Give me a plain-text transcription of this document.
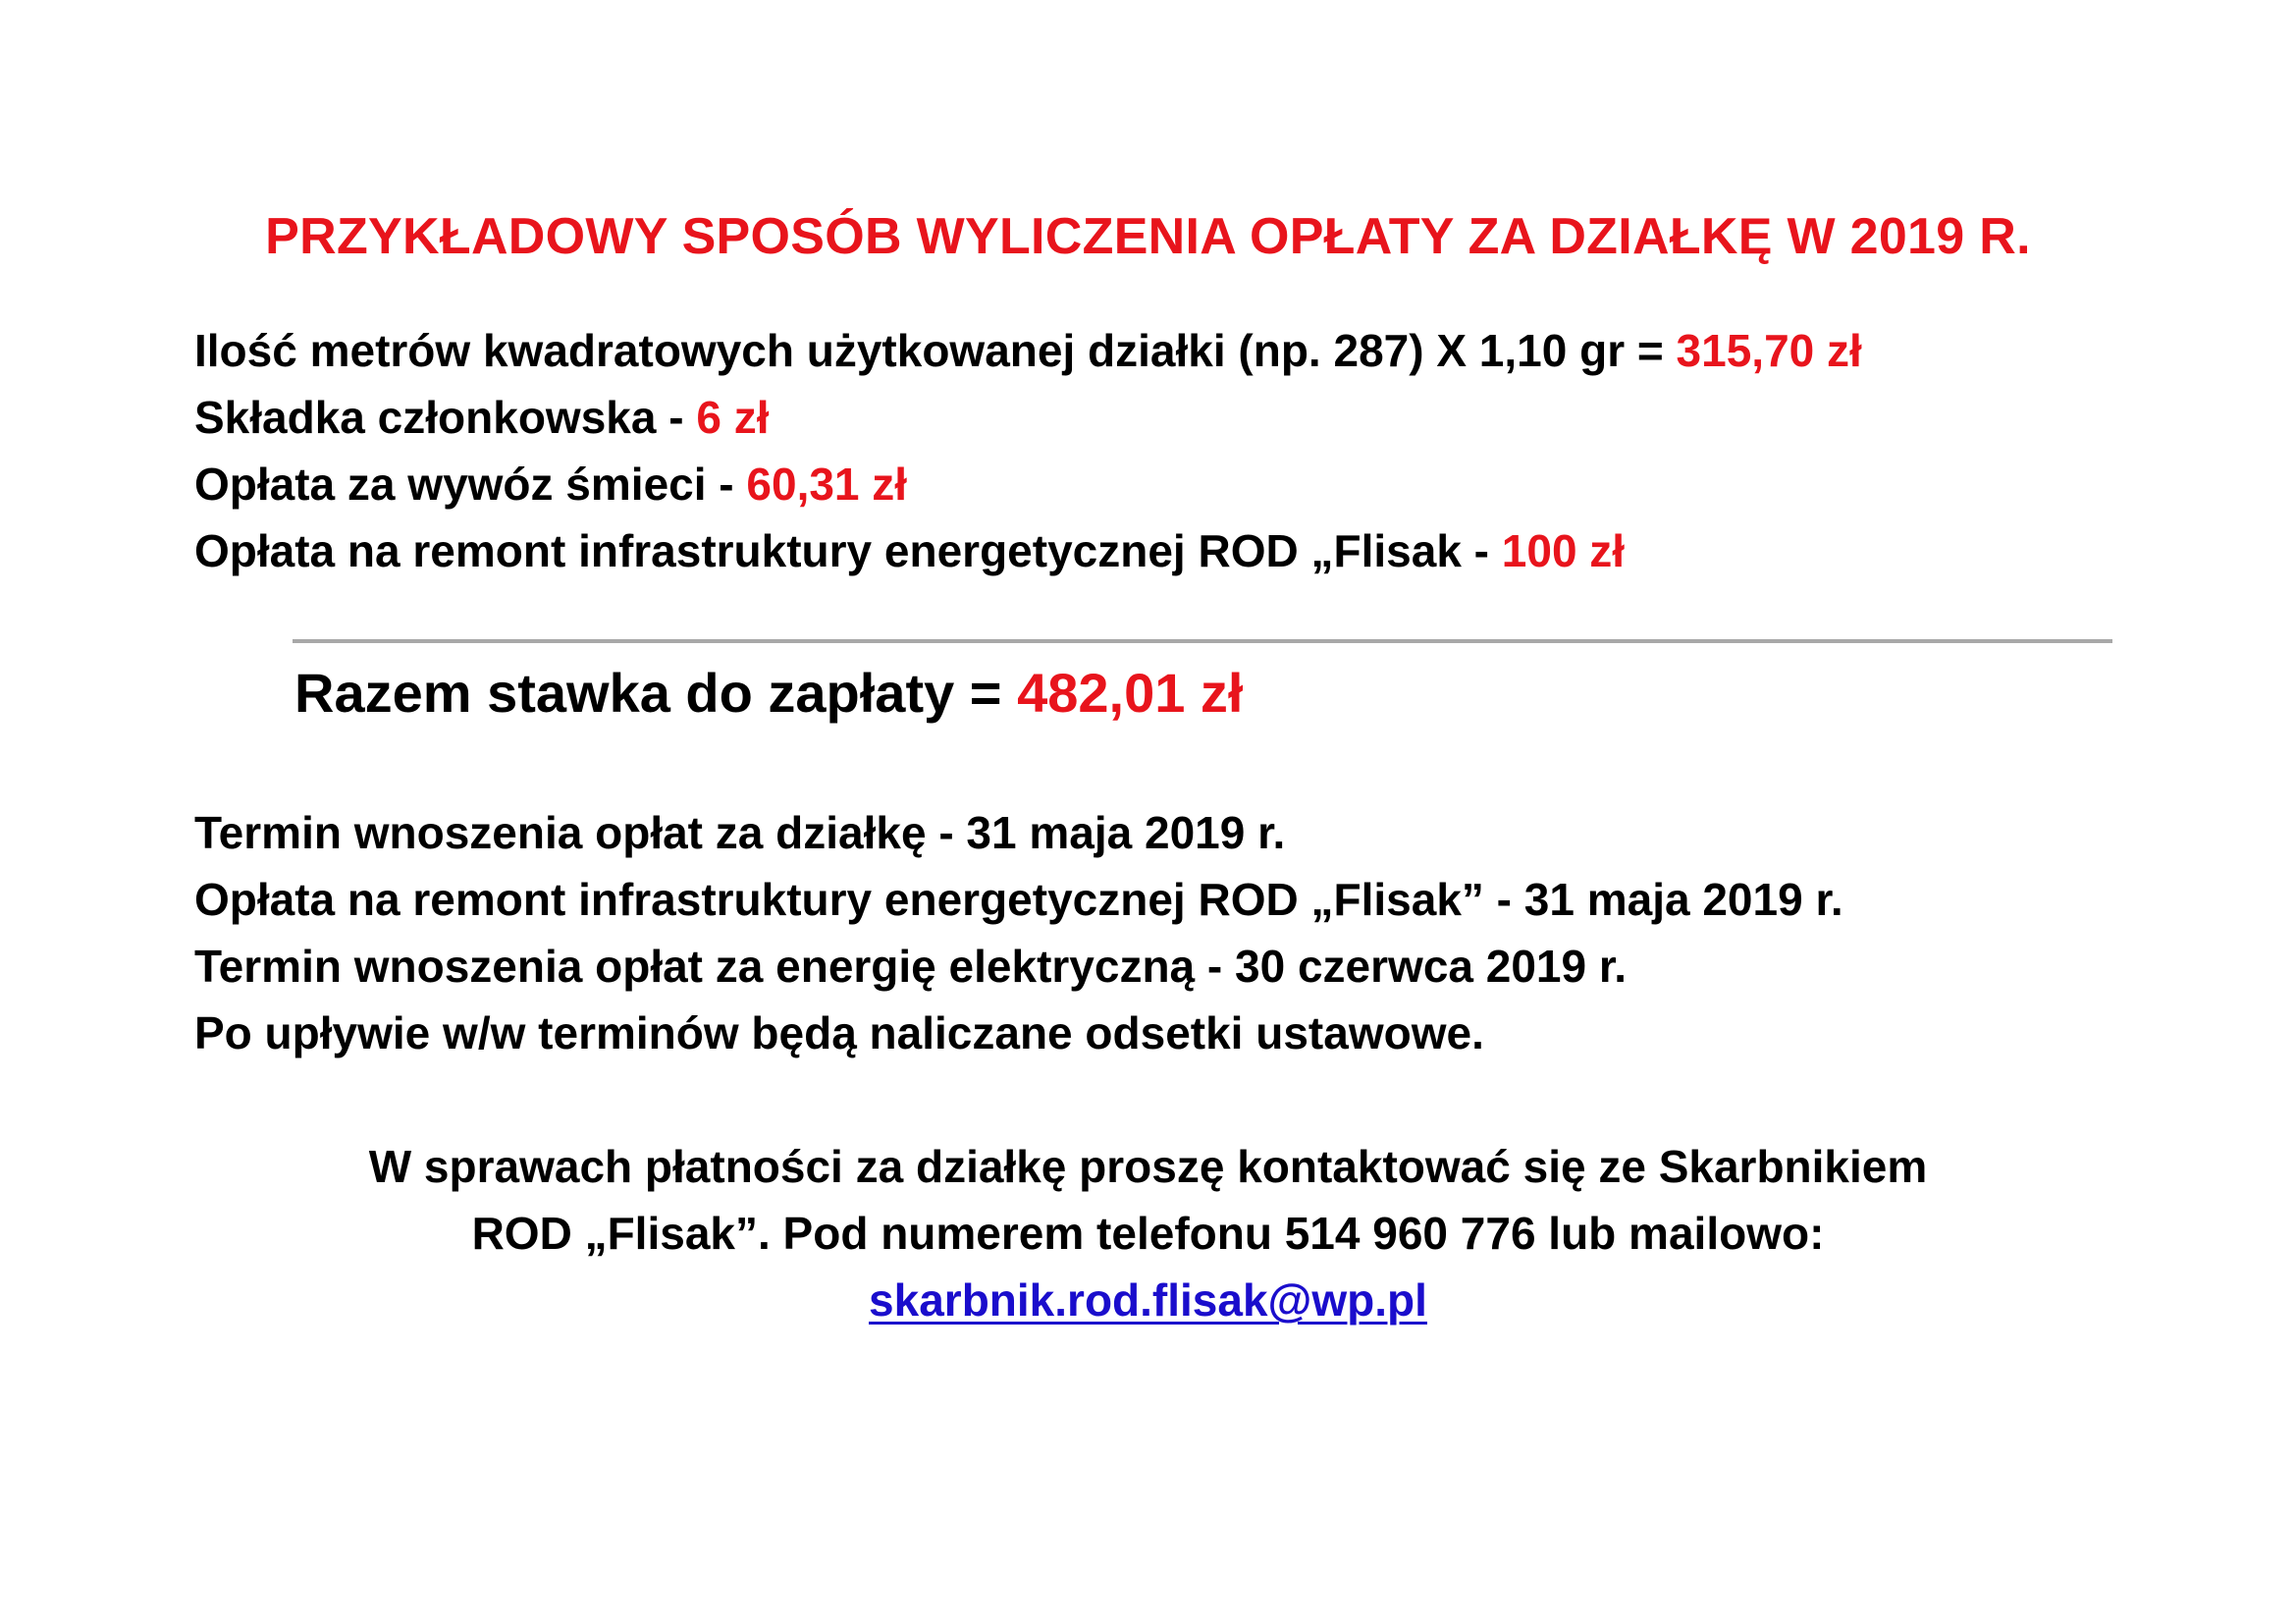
PRZYKŁADOWY SPOSÓB WYLICZENIA OPŁATY ZA DZIAŁKĘ W 2019 R.
Ilość metrów kwadratowych użytkowanej działki (np. 287) X 1,10 gr = 315,70 zł
Składka członkowska - 6 zł
Opłata za wywóz śmieci - 60,31 zł
Opłata na remont infrastruktury energetycznej ROD „Flisak - 100 zł
Razem stawka do zapłaty = 482,01 zł
Termin wnoszenia opłat za działkę - 31 maja 2019 r.
Opłata na remont infrastruktury energetycznej ROD „Flisak” - 31 maja 2019 r.
Termin wnoszenia opłat za energię elektryczną - 30 czerwca 2019 r.
Po upływie w/w terminów będą naliczane odsetki ustawowe.
W sprawach płatności za działkę proszę kontaktować się ze Skarbnikiem
ROD „Flisak”. Pod numerem telefonu 514 960 776 lub mailowo:
skarbnik.rod.flisak@wp.pl
